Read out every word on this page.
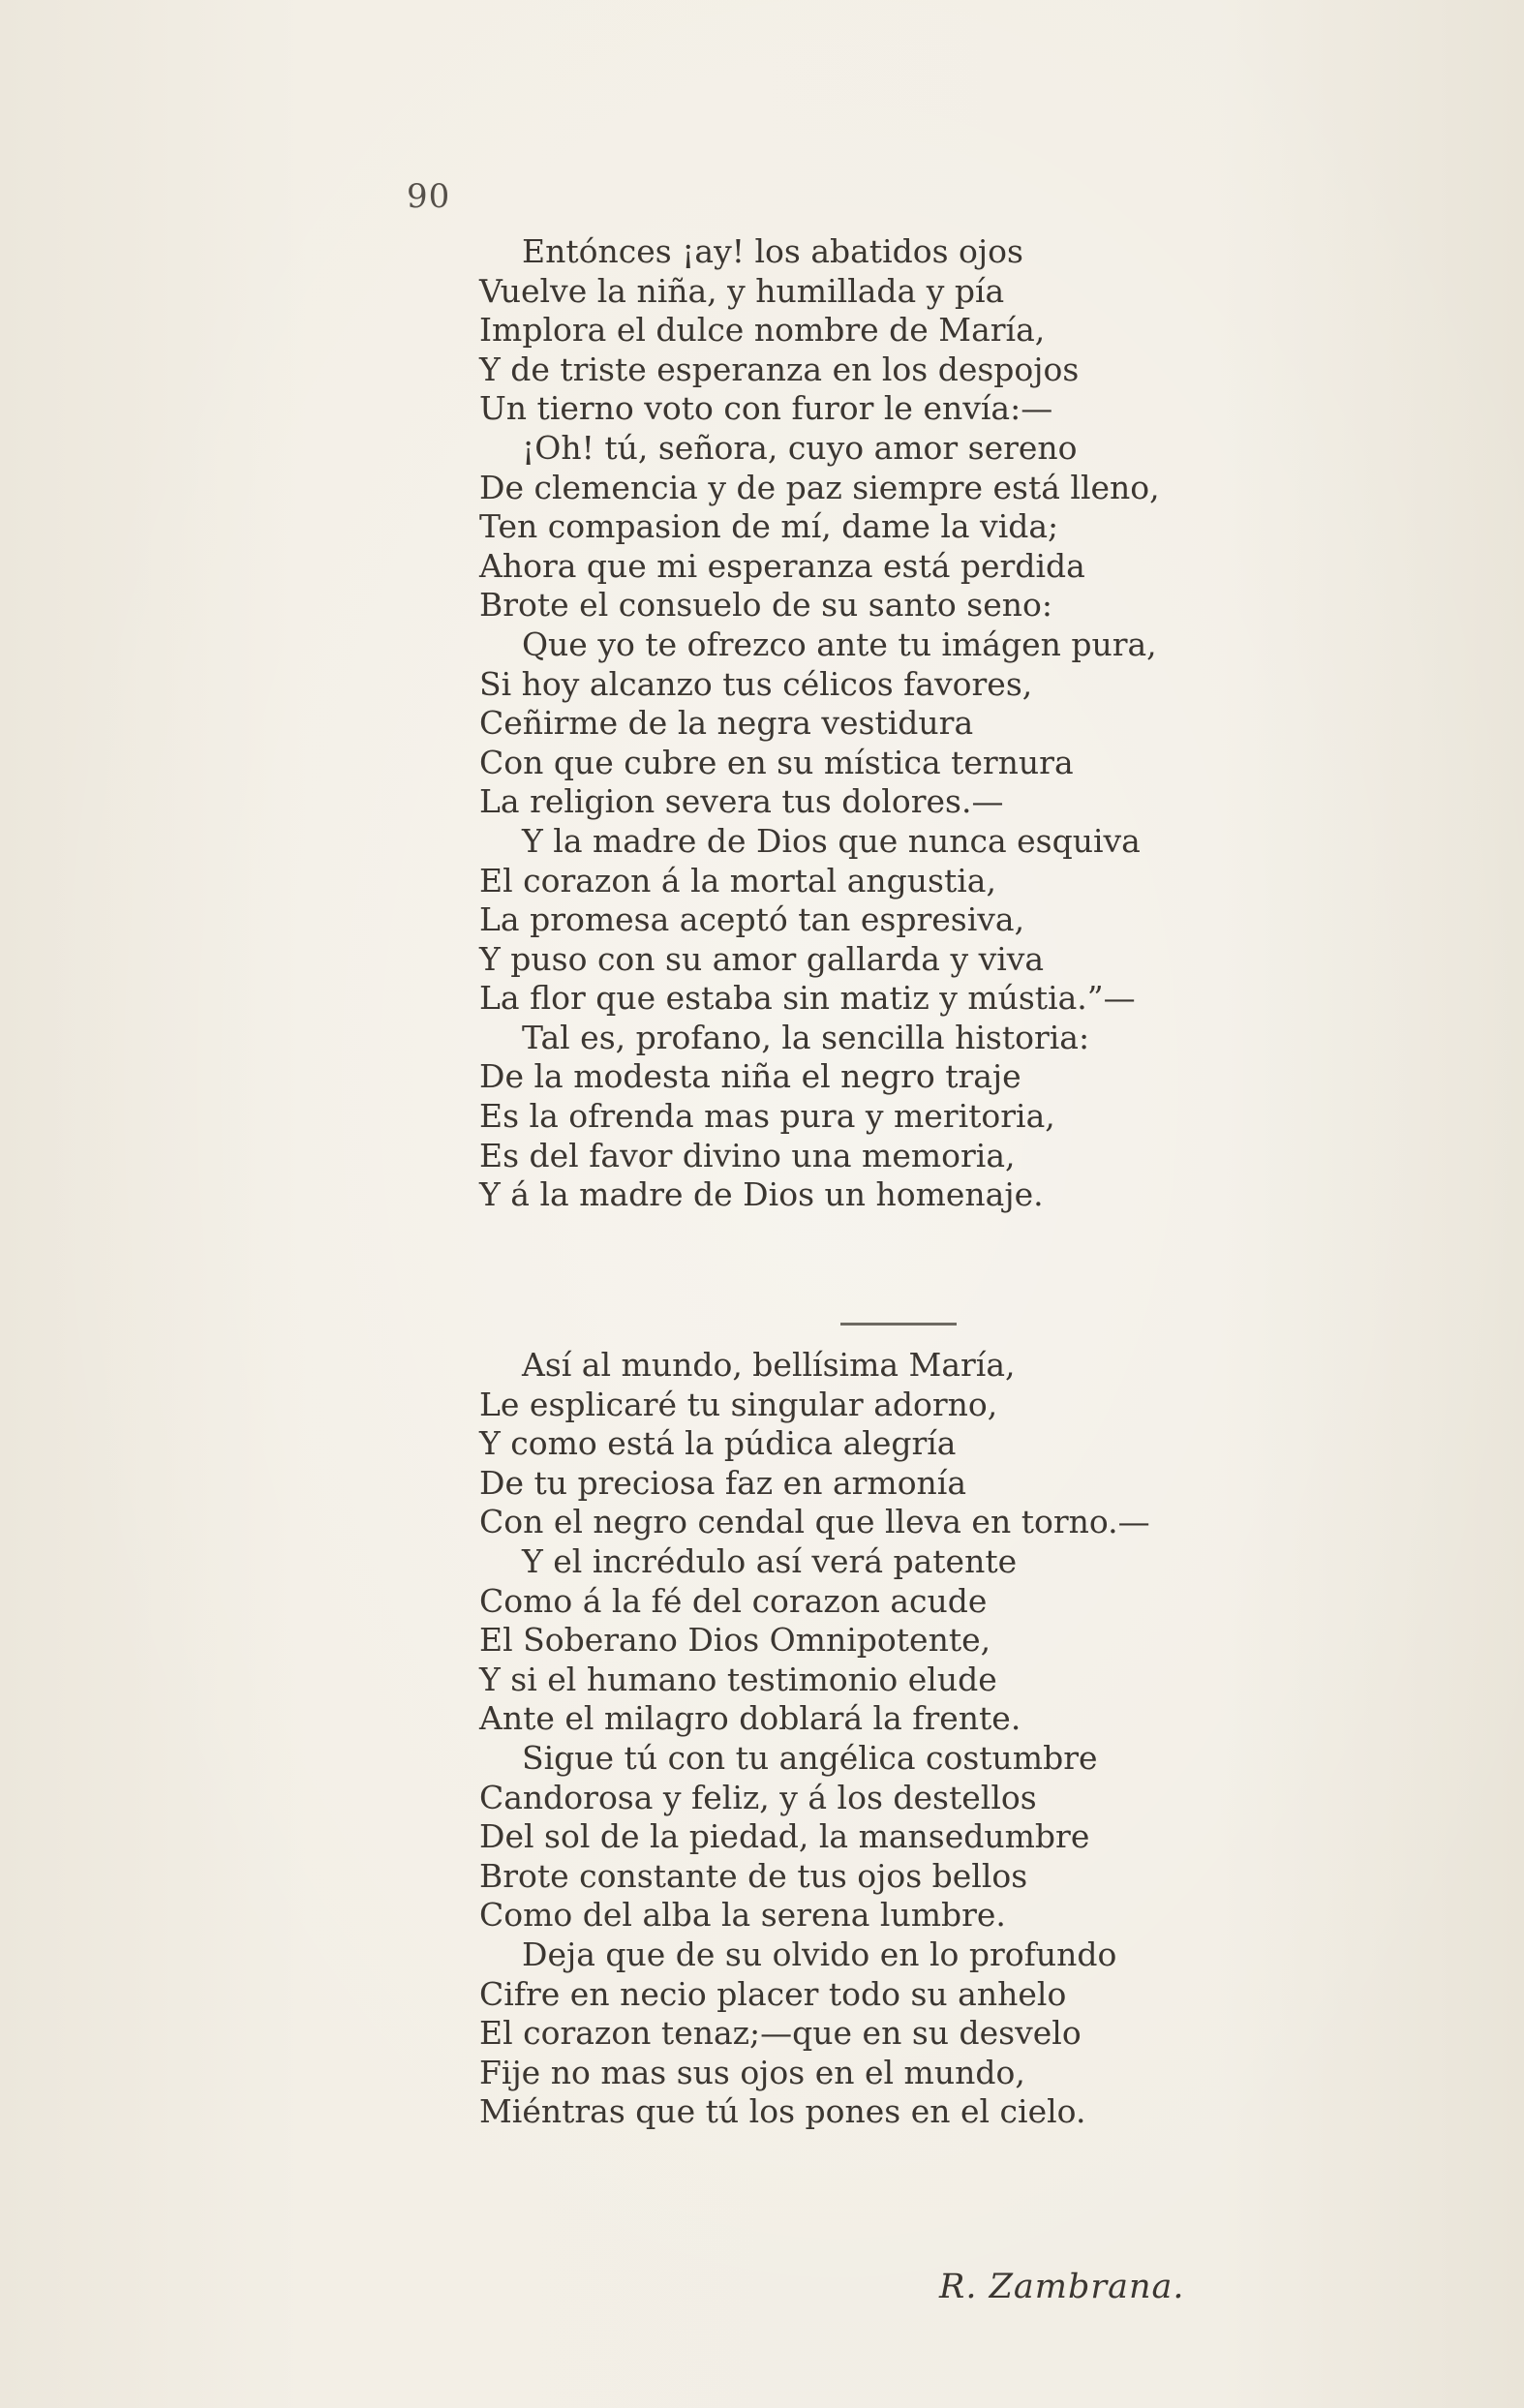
90
Entónces ¡ay! los abatidos ojos
Vuelve la niña, y humillada y pía
Implora el dulce nombre de María,
Y de triste esperanza en los despojos
Un tierno voto con furor le envía:—
¡Oh! tú, señora, cuyo amor sereno
De clemencia y de paz siempre está lleno,
Ten compasion de mí, dame la vida;
Ahora que mi esperanza está perdida
Brote el consuelo de su santo seno:
Que yo te ofrezco ante tu imágen pura,
Si hoy alcanzo tus célicos favores,
Ceñirme de la negra vestidura
Con que cubre en su mística ternura
La religion severa tus dolores.—
Y la madre de Dios que nunca esquiva
El corazon á la mortal angustia,
La promesa aceptó tan espresiva,
Y puso con su amor gallarda y viva
La flor que estaba sin matiz y mústia.”—
Tal es, profano, la sencilla historia:
De la modesta niña el negro traje
Es la ofrenda mas pura y meritoria,
Es del favor divino una memoria,
Y á la madre de Dios un homenaje.
Así al mundo, bellísima María,
Le esplicaré tu singular adorno,
Y como está la púdica alegría
De tu preciosa faz en armonía
Con el negro cendal que lleva en torno.—
Y el incrédulo así verá patente
Como á la fé del corazon acude
El Soberano Dios Omnipotente,
Y si el humano testimonio elude
Ante el milagro doblará la frente.
Sigue tú con tu angélica costumbre
Candorosa y feliz, y á los destellos
Del sol de la piedad, la mansedumbre
Brote constante de tus ojos bellos
Como del alba la serena lumbre.
Deja que de su olvido en lo profundo
Cifre en necio placer todo su anhelo
El corazon tenaz;—que en su desvelo
Fije no mas sus ojos en el mundo,
Miéntras que tú los pones en el cielo.
R. Zambrana.
